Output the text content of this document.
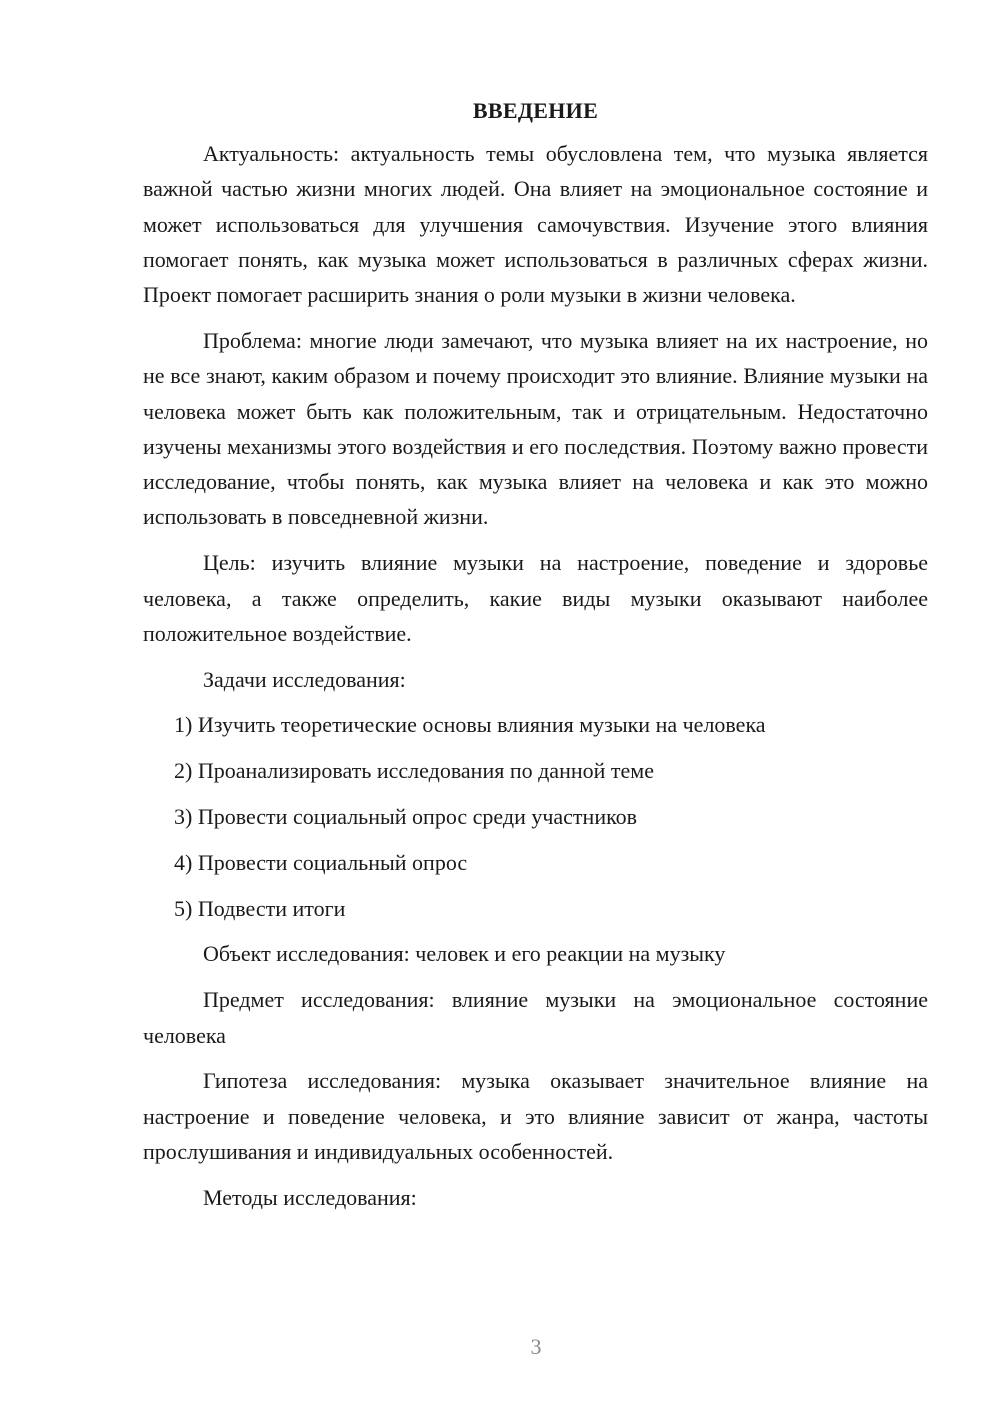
ВВЕДЕНИЕ

Актуальность: актуальность темы обусловлена тем, что музыка является важной частью жизни многих людей. Она влияет на эмоциональное состояние и может использоваться для улучшения самочувствия. Изучение этого влияния помогает понять, как музыка может использоваться в различных сферах жизни. Проект помогает расширить знания о роли музыки в жизни человека.

Проблема: многие люди замечают, что музыка влияет на их настроение, но не все знают, каким образом и почему происходит это влияние. Влияние музыки на человека может быть как положительным, так и отрицательным. Недостаточно изучены механизмы этого воздействия и его последствия. Поэтому важно провести исследование, чтобы понять, как музыка влияет на человека и как это можно использовать в повседневной жизни.

Цель: изучить влияние музыки на настроение, поведение и здоровье человека, а также определить, какие виды музыки оказывают наиболее положительное воздействие.

Задачи исследования:

1) Изучить теоретические основы влияния музыки на человека
2) Проанализировать исследования по данной теме
3) Провести социальный опрос среди участников
4) Провести социальный опрос
5) Подвести итоги

Объект исследования: человек и его реакции на музыку

Предмет исследования: влияние музыки на эмоциональное состояние человека

Гипотеза исследования: музыка оказывает значительное влияние на настроение и поведение человека, и это влияние зависит от жанра, частоты прослушивания и индивидуальных особенностей.

Методы исследования:

3
